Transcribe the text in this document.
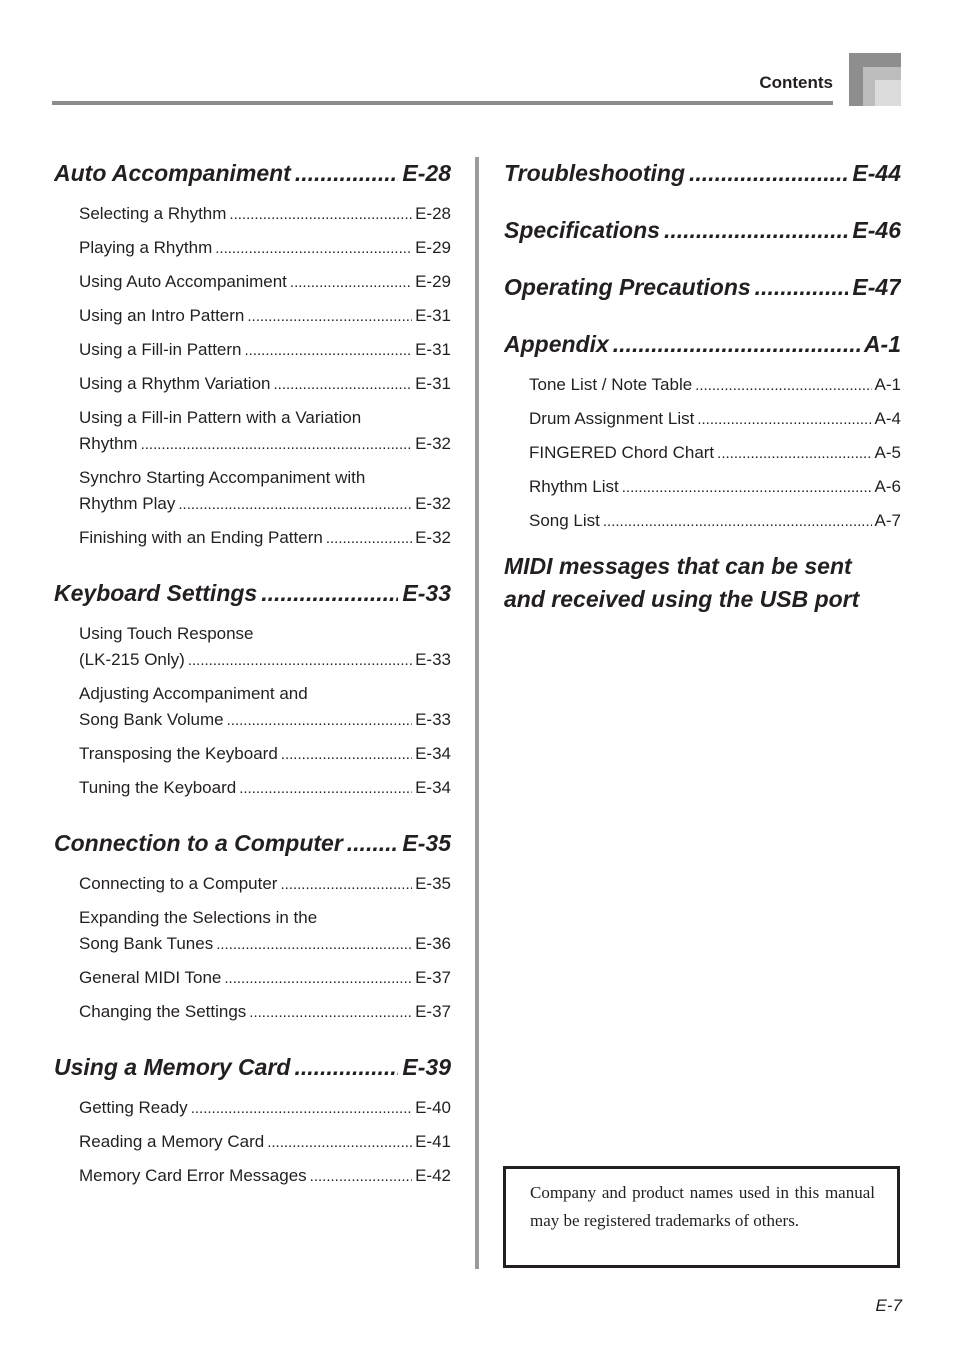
Contents
Auto Accompaniment .....	E-28
Selecting a Rhythm .....	E-28
Playing a Rhythm .....	E-29
Using Auto Accompaniment .....	E-29
Using an Intro Pattern .....	E-31
Using a Fill-in Pattern .....	E-31
Using a Rhythm Variation .....	E-31
Using a Fill-in Pattern with a Variation
Rhythm .....	E-32
Synchro Starting Accompaniment with
Rhythm Play .....	E-32
Finishing with an Ending Pattern .....	E-32
Keyboard Settings .....	E-33
Using Touch Response
(LK-215 Only) .....	E-33
Adjusting Accompaniment and
Song Bank Volume .....	E-33
Transposing the Keyboard .....	E-34
Tuning the Keyboard .....	E-34
Connection to a Computer .....	E-35
Connecting to a Computer .....	E-35
Expanding the Selections in the
Song Bank Tunes .....	E-36
General MIDI Tone .....	E-37
Changing the Settings .....	E-37
Using a Memory Card .....	E-39
Getting Ready .....	E-40
Reading a Memory Card .....	E-41
Memory Card Error Messages .....	E-42
Troubleshooting .....	E-44
Specifications .....	E-46
Operating Precautions .....	E-47
Appendix .....	A-1
Tone List / Note Table .....	A-1
Drum Assignment List .....	A-4
FINGERED Chord Chart .....	A-5
Rhythm List .....	A-6
Song List .....	A-7
MIDI messages that can be sent
and received using the USB port
Company and product names used in this manual may be registered trademarks of others.
E-7
